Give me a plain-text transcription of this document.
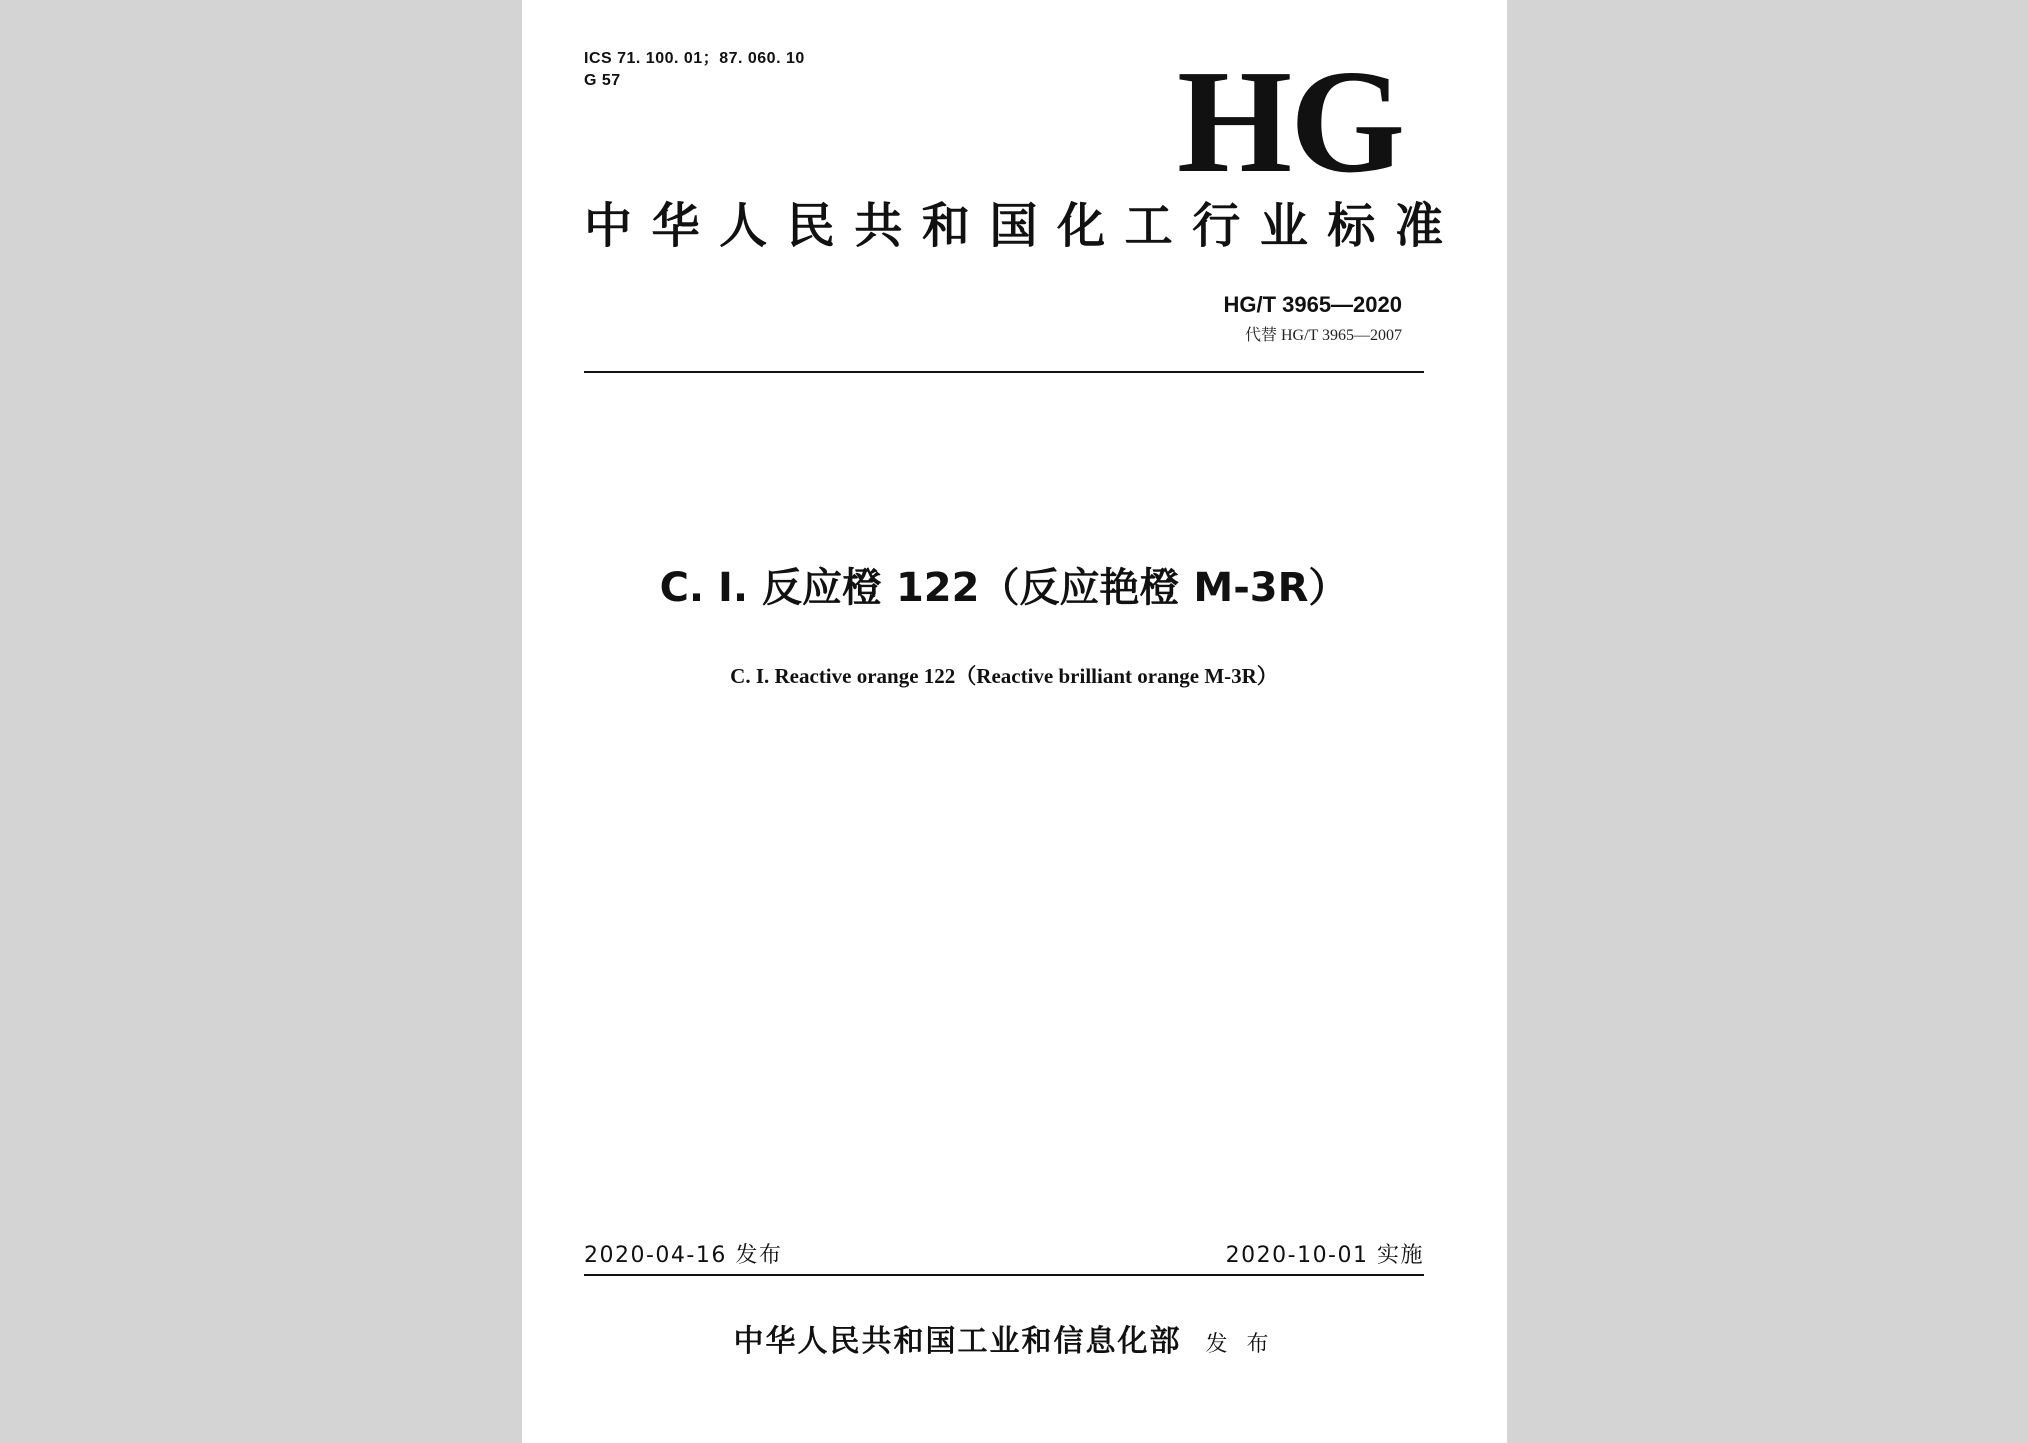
ICS 71. 100. 01；87. 060. 10
G 57	HG
中华人民共和国化工行业标准
HG/T 3965—2020
代替 HG/T 3965—2007
C. I. 反应橙 122（反应艳橙 M-3R）
C. I. Reactive orange 122（Reactive brilliant orange M-3R）
2020-04-16 发布	2020-10-01 实施
中华人民共和国工业和信息化部 发 布
